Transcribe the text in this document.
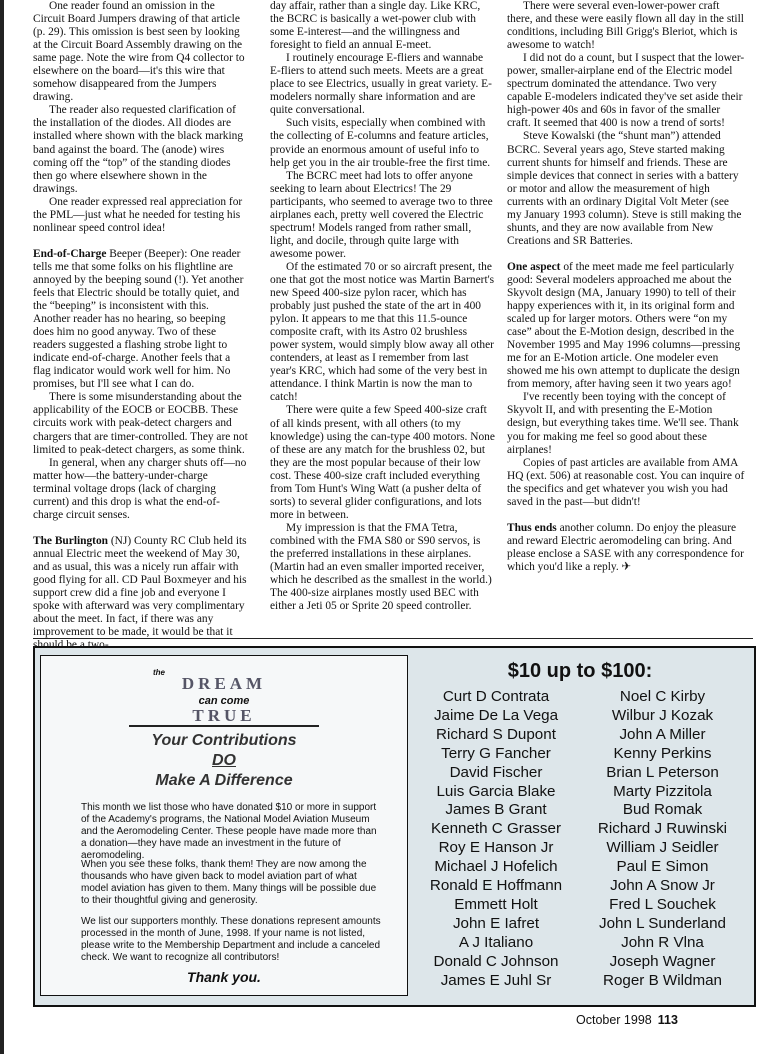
One reader found an omission in the Circuit Board Jumpers drawing of that article (p. 29). This omission is best seen by looking at the Circuit Board Assembly drawing on the same page. Note the wire from Q4 collector to elsewhere on the board—it's this wire that somehow disappeared from the Jumpers drawing.

The reader also requested clarification of the installation of the diodes. All diodes are installed where shown with the black marking band against the board. The (anode) wires coming off the “top” of the standing diodes then go where elsewhere shown in the drawings.

One reader expressed real appreciation for the PML—just what he needed for testing his nonlinear speed control idea!

End-of-Charge Beeper (Beeper): One reader tells me that some folks on his flightline are annoyed by the beeping sound (!). Yet another feels that Electric should be totally quiet, and the “beeping” is inconsistent with this. Another reader has no hearing, so beeping does him no good anyway. Two of these readers suggested a flashing strobe light to indicate end-of-charge. Another feels that a flag indicator would work well for him. No promises, but I'll see what I can do.

There is some misunderstanding about the applicability of the EOCB or EOCBB. These circuits work with peak-detect chargers and chargers that are timer-controlled. They are not limited to peak-detect chargers, as some think.

In general, when any charger shuts off—no matter how—the battery-under-charge terminal voltage drops (lack of charging current) and this drop is what the end-of-charge circuit senses.

The Burlington (NJ) County RC Club held its annual Electric meet the weekend of May 30, and as usual, this was a nicely run affair with good flying for all. CD Paul Boxmeyer and his support crew did a fine job and everyone I spoke with afterward was very complimentary about the meet. In fact, if there was any improvement to be made, it would be that it

day affair, rather than a single day. Like KRC, the BCRC is basically a wet-power club with some E-interest—and the willingness and foresight to field an annual E-meet.

I routinely encourage E-fliers and wannabe E-fliers to attend such meets. Meets are a great place to see Electrics, usually in great variety. E-modelers normally share information and are quite conversational.

Such visits, especially when combined with the collecting of E-columns and feature articles, provide an enormous amount of useful info to help get you in the air trouble-free the first time.

The BCRC meet had lots to offer anyone seeking to learn about Electrics! The 29 participants, who seemed to average two to three airplanes each, pretty well covered the Electric spectrum! Models ranged from rather small, light, and docile, through quite large with awesome power.

Of the estimated 70 or so aircraft present, the one that got the most notice was Martin Barnert's new Speed 400-size pylon racer, which has probably just pushed the state of the art in 400 pylon. It appears to me that this 11.5-ounce composite craft, with its Astro 02 brushless power system, would simply blow away all other contenders, at least as I remember from last year's KRC, which had some of the very best in attendance. I think Martin is now the man to catch!

There were quite a few Speed 400-size craft of all kinds present, with all others (to my knowledge) using the can-type 400 motors. None of these are any match for the brushless 02, but they are the most popular because of their low cost. These 400-size craft included everything from Tom Hunt's Wing Watt (a pusher delta of sorts) to several glider configurations, and lots more in between.

My impression is that the FMA Tetra, combined with the FMA S80 or S90 servos, is the preferred installations in these airplanes. (Martin had an even smaller imported receiver, which he described as the smallest in the world.) The 400-size airplanes mostly used BEC with either a Jeti 05 or Sprite 20 speed controller.

There were several even-lower-power craft there, and these were easily flown all day in the still conditions, including Bill Grigg's Bleriot, which is awesome to watch!

I did not do a count, but I suspect that the lower-power, smaller-airplane end of the Electric model spectrum dominated the attendance. Two very capable E-modelers indicated they've set aside their high-power 40s and 60s in favor of the smaller craft. It seemed that 400 is now a trend of sorts!

Steve Kowalski (the “shunt man”) attended BCRC. Several years ago, Steve started making current shunts for himself and friends. These are simple devices that connect in series with a battery or motor and allow the measurement of high currents with an ordinary Digital Volt Meter (see my January 1993 column). Steve is still making the shunts, and they are now available from New Creations and SR Batteries.

One aspect of the meet made me feel particularly good: Several modelers approached me about the Skyvolt design (MA, January 1990) to tell of their happy experiences with it, in its original form and scaled up for larger motors. Others were “on my case” about the E-Motion design, described in the November 1995 and May 1996 columns—pressing me for an E-Motion article. One modeler even showed me his own attempt to duplicate the design from memory, after having seen it two years ago!

I've recently been toying with the concept of Skyvolt II, and with presenting the E-Motion design, but everything takes time. We'll see. Thank you for making me feel so good about these airplanes!

Copies of past articles are available from AMA HQ (ext. 506) at reasonable cost. You can inquire of the specifics and get whatever you wish you had saved in the past—but didn't!

Thus ends another column. Do enjoy the pleasure and reward Electric aeromodeling can bring. And please enclose a SASE with any correspondence for which you'd like a reply. ✈

the
DREAM
can come
TRUE
Your Contributions
DO
Make A Difference

This month we list those who have donated $10 or more in support of the Academy's programs, the National Model Aviation Museum and the Aeromodeling Center. These people have made more than a donation—they have made an investment in the future of aeromodeling.

When you see these folks, thank them! They are now among the thousands who have given back to model aviation part of what model aviation has given to them. Many things will be possible due to their thoughtful giving and generosity.

We list our supporters monthly. These donations represent amounts processed in the month of June, 1998. If your name is not listed, please write to the Membership Department and include a canceled check. We want to recognize all contributors!

Thank you.
$10 up to $100:
Curt D Contrata
Jaime De La Vega
Richard S Dupont
Terry G Fancher
David Fischer
Luis Garcia Blake
James B Grant
Kenneth C Grasser
Roy E Hanson Jr
Michael J Hofelich
Ronald E Hoffmann
Emmett Holt
John E Iafret
A J Italiano
Donald C Johnson
James E Juhl Sr
Noel C Kirby
Wilbur J Kozak
John A Miller
Kenny Perkins
Brian L Peterson
Marty Pizzitola
Bud Romak
Richard J Ruwinski
William J Seidler
Paul E Simon
John A Snow Jr
Fred L Souchek
John L Sunderland
John R Vlna
Joseph Wagner
Roger B Wildman
October 1998 113
